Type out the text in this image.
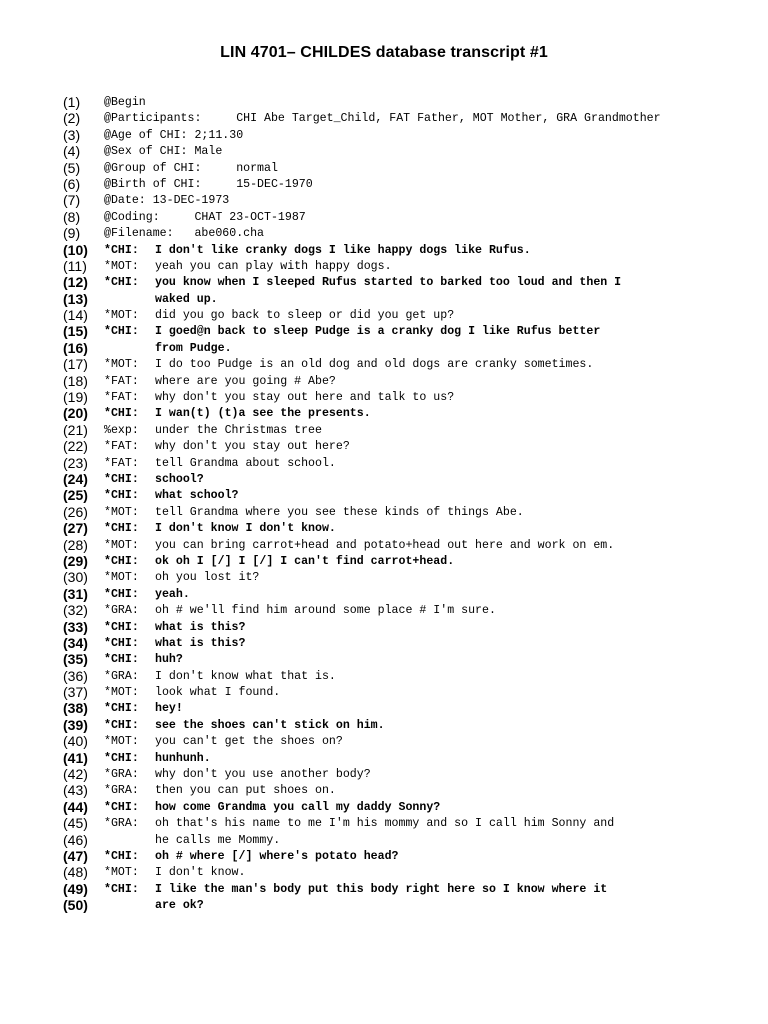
LIN 4701– CHILDES database transcript #1
(1) @Begin
(2) @Participants:     CHI Abe Target_Child, FAT Father, MOT Mother, GRA Grandmother
(3) @Age of CHI: 2;11.30
(4) @Sex of CHI: Male
(5) @Group of CHI:     normal
(6) @Birth of CHI:     15-DEC-1970
(7) @Date: 13-DEC-1973
(8) @Coding:     CHAT 23-OCT-1987
(9) @Filename:   abe060.cha
(10) *CHI: I don't like cranky dogs I like happy dogs like Rufus.
(11) *MOT: yeah you can play with happy dogs.
(12) *CHI: you know when I sleeped Rufus started to barked too loud and then I
(13)	waked up.
(14) *MOT: did you go back to sleep or did you get up?
(15) *CHI: I goed@n back to sleep Pudge is a cranky dog I like Rufus better
(16)	from Pudge.
(17) *MOT: I do too Pudge is an old dog and old dogs are cranky sometimes.
(18) *FAT: where are you going # Abe?
(19) *FAT: why don't you stay out here and talk to us?
(20) *CHI: I wan(t) (t)a see the presents.
(21) %exp: under the Christmas tree
(22) *FAT: why don't you stay out here?
(23) *FAT: tell Grandma about school.
(24) *CHI: school?
(25) *CHI: what school?
(26) *MOT: tell Grandma where you see these kinds of things Abe.
(27) *CHI: I don't know I don't know.
(28) *MOT: you can bring carrot+head and potato+head out here and work on em.
(29) *CHI: ok oh I [/] I [/] I can't find carrot+head.
(30) *MOT: oh you lost it?
(31) *CHI: yeah.
(32) *GRA: oh # we'll find him around some place # I'm sure.
(33) *CHI: what is this?
(34) *CHI: what is this?
(35) *CHI: huh?
(36) *GRA: I don't know what that is.
(37) *MOT: look what I found.
(38) *CHI: hey!
(39) *CHI: see the shoes can't stick on him.
(40) *MOT: you can't get the shoes on?
(41) *CHI: hunhunh.
(42) *GRA: why don't you use another body?
(43) *GRA: then you can put shoes on.
(44) *CHI: how come Grandma you call my daddy Sonny?
(45) *GRA: oh that's his name to me I'm his mommy and so I call him Sonny and
(46)	he calls me Mommy.
(47) *CHI: oh # where [/] where's potato head?
(48) *MOT: I don't know.
(49) *CHI: I like the man's body put this body right here so I know where it
(50)	are ok?
